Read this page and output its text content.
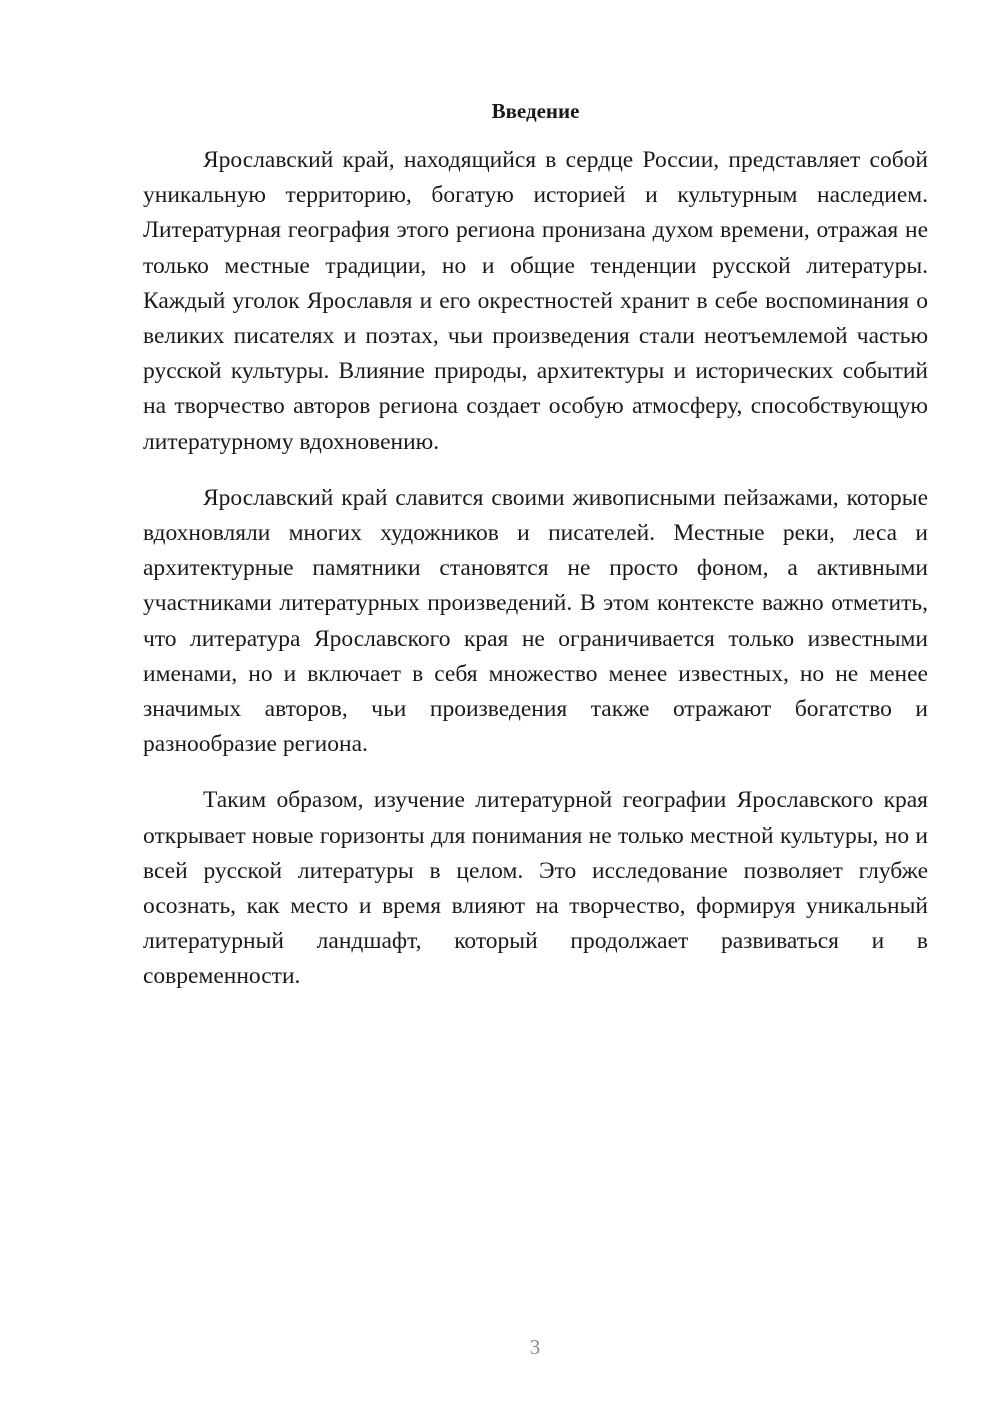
Введение

Ярославский край, находящийся в сердце России, представляет собой уникальную территорию, богатую историей и культурным наследием. Литературная география этого региона пронизана духом времени, отражая не только местные традиции, но и общие тенденции русской литературы. Каждый уголок Ярославля и его окрестностей хранит в себе воспоминания о великих писателях и поэтах, чьи произведения стали неотъемлемой частью русской культуры. Влияние природы, архитектуры и исторических событий на творчество авторов региона создает особую атмосферу, способствующую литературному вдохновению.

Ярославский край славится своими живописными пейзажами, которые вдохновляли многих художников и писателей. Местные реки, леса и архитектурные памятники становятся не просто фоном, а активными участниками литературных произведений. В этом контексте важно отметить, что литература Ярославского края не ограничивается только известными именами, но и включает в себя множество менее известных, но не менее значимых авторов, чьи произведения также отражают богатство и разнообразие региона.

Таким образом, изучение литературной географии Ярославского края открывает новые горизонты для понимания не только местной культуры, но и всей русской литературы в целом. Это исследование позволяет глубже осознать, как место и время влияют на творчество, формируя уникальный литературный ландшафт, который продолжает развиваться и в современности.

3
